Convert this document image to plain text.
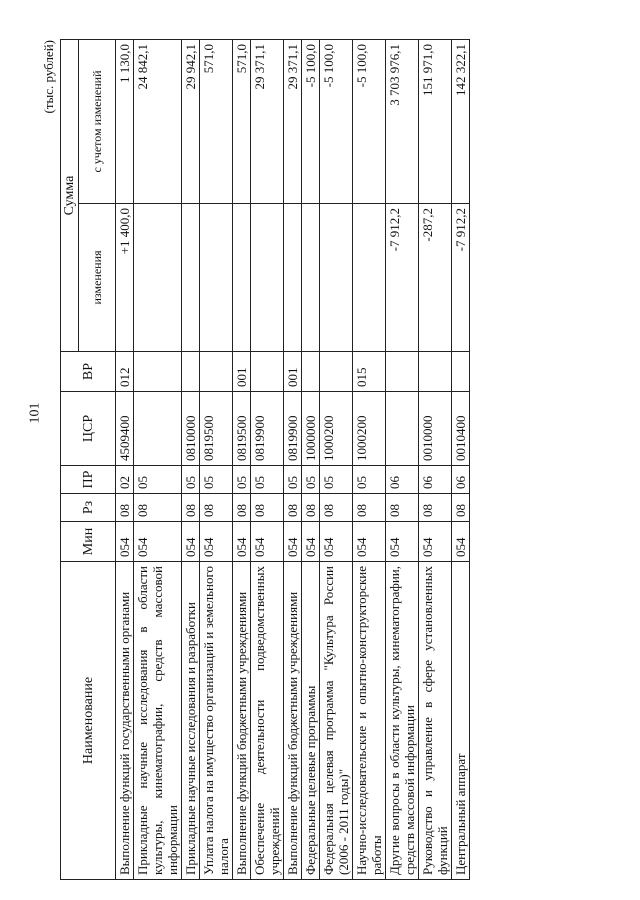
101
(тыс. рублей)
Наименование	Мин	Рз	ПР	ЦСР	ВР	Сумма	
						изменения	с учетом изменений
Выполнение функций государственными органами	054	08	02	4509400	012	+1 400,0	1 130,0
Прикладные научные исследования в области культуры, кинематографии, средств массовой информации	054	08	05				24 842,1
Прикладные научные исследования и разработки	054	08	05	0810000			29 942,1
Уплата налога на имущество организаций и земельного налога	054	08	05	0819500			571,0
Выполнение функций бюджетными учреждениями	054	08	05	0819500	001		571,0
Обеспечение деятельности подведомственных учреждений	054	08	05	0819900			29 371,1
Выполнение функций бюджетными учреждениями	054	08	05	0819900	001		29 371,1
Федеральные целевые программы	054	08	05	1000000			-5 100,0
Федеральная целевая программа "Культура России (2006 - 2011 годы)"	054	08	05	1000200			-5 100,0
Научно-исследовательские и опытно-конструкторские работы	054	08	05	1000200	015		-5 100,0
Другие вопросы в области культуры, кинематографии, средств массовой информации	054	08	06			-7 912,2	3 703 976,1
Руководство и управление в сфере установленных функций	054	08	06	0010000		-287,2	151 971,0
Центральный аппарат	054	08	06	0010400		-7 912,2	142 322,1
